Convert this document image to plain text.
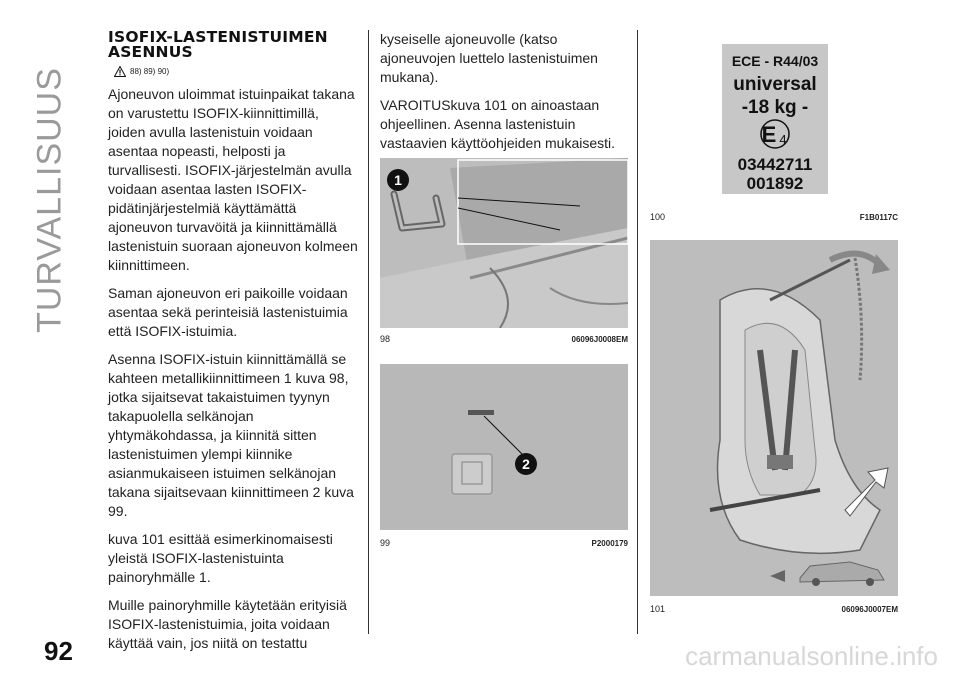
TURVALLISUUS
92
ISOFIX-LASTENISTUIMEN
ASENNUS
88) 89) 90)

Ajoneuvon uloimmat istuinpaikat takana on varustettu ISOFIX-kiinnittimillä, joiden avulla lastenistuin voidaan asentaa nopeasti, helposti ja turvallisesti. ISOFIX-järjestelmän avulla voidaan asentaa lasten ISOFIX-pidätinjärjestelmiä käyttämättä ajoneuvon turvavöitä ja kiinnittämällä lastenistuin suoraan ajoneuvon kolmeen kiinnittimeen.

Saman ajoneuvon eri paikoille voidaan asentaa sekä perinteisiä lastenistuimia että ISOFIX-istuimia.

Asenna ISOFIX-istuin kiinnittämällä se kahteen metallikiinnittimeen 1 kuva 98, jotka sijaitsevat takaistuimen tyynyn takapuolella selkänojan yhtymäkohdassa, ja kiinnitä sitten lastenistuimen ylempi kiinnike asianmukaiseen istuimen selkänojan takana sijaitsevaan kiinnittimeen 2 kuva 99.

kuva 101 esittää esimerkinomaisesti yleistä ISOFIX-lastenistuinta painoryhmälle 1.

Muille painoryhmille käytetään erityisiä ISOFIX-lastenistuimia, joita voidaan käyttää vain, jos niitä on testattu

kyseiselle ajoneuvolle (katso ajoneuvojen luettelo lastenistuimen mukana).

VAROITUSkuva 101 on ainoastaan ohjeellinen. Asenna lastenistuin vastaavien käyttöohjeiden mukaisesti.

1
98	06096J0008EM
2
99	P2000179
ECE - R44/03
universal
-18 kg -
E 4
03442711
001892
100	F1B0117C
101	06096J0007EM
carmanualsonline.info
